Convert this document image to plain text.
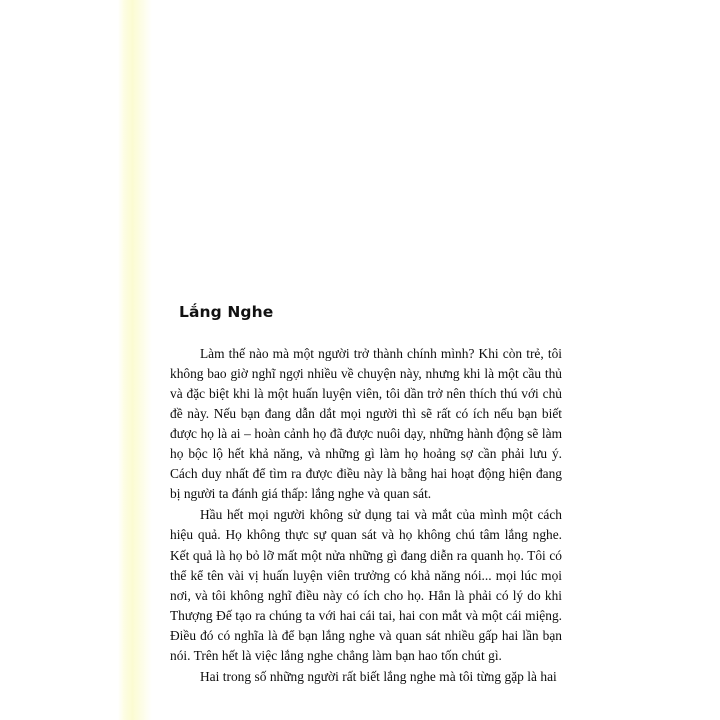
Lắng Nghe

Làm thế nào mà một người trở thành chính mình? Khi còn trẻ, tôi không bao giờ nghĩ ngợi nhiều về chuyện này, nhưng khi là một cầu thủ và đặc biệt khi là một huấn luyện viên, tôi dần trở nên thích thú với chủ đề này. Nếu bạn đang dẫn dắt mọi người thì sẽ rất có ích nếu bạn biết được họ là ai – hoàn cảnh họ đã được nuôi dạy, những hành động sẽ làm họ bộc lộ hết khả năng, và những gì làm họ hoảng sợ cần phải lưu ý. Cách duy nhất để tìm ra được điều này là bằng hai hoạt động hiện đang bị người ta đánh giá thấp: lắng nghe và quan sát.

Hầu hết mọi người không sử dụng tai và mắt của mình một cách hiệu quả. Họ không thực sự quan sát và họ không chú tâm lắng nghe. Kết quả là họ bỏ lỡ mất một nửa những gì đang diễn ra quanh họ. Tôi có thể kể tên vài vị huấn luyện viên trưởng có khả năng nói... mọi lúc mọi nơi, và tôi không nghĩ điều này có ích cho họ. Hẳn là phải có lý do khi Thượng Đế tạo ra chúng ta với hai cái tai, hai con mắt và một cái miệng. Điều đó có nghĩa là để bạn lắng nghe và quan sát nhiều gấp hai lần bạn nói. Trên hết là việc lắng nghe chẳng làm bạn hao tốn chút gì.

Hai trong số những người rất biết lắng nghe mà tôi từng gặp là hai
